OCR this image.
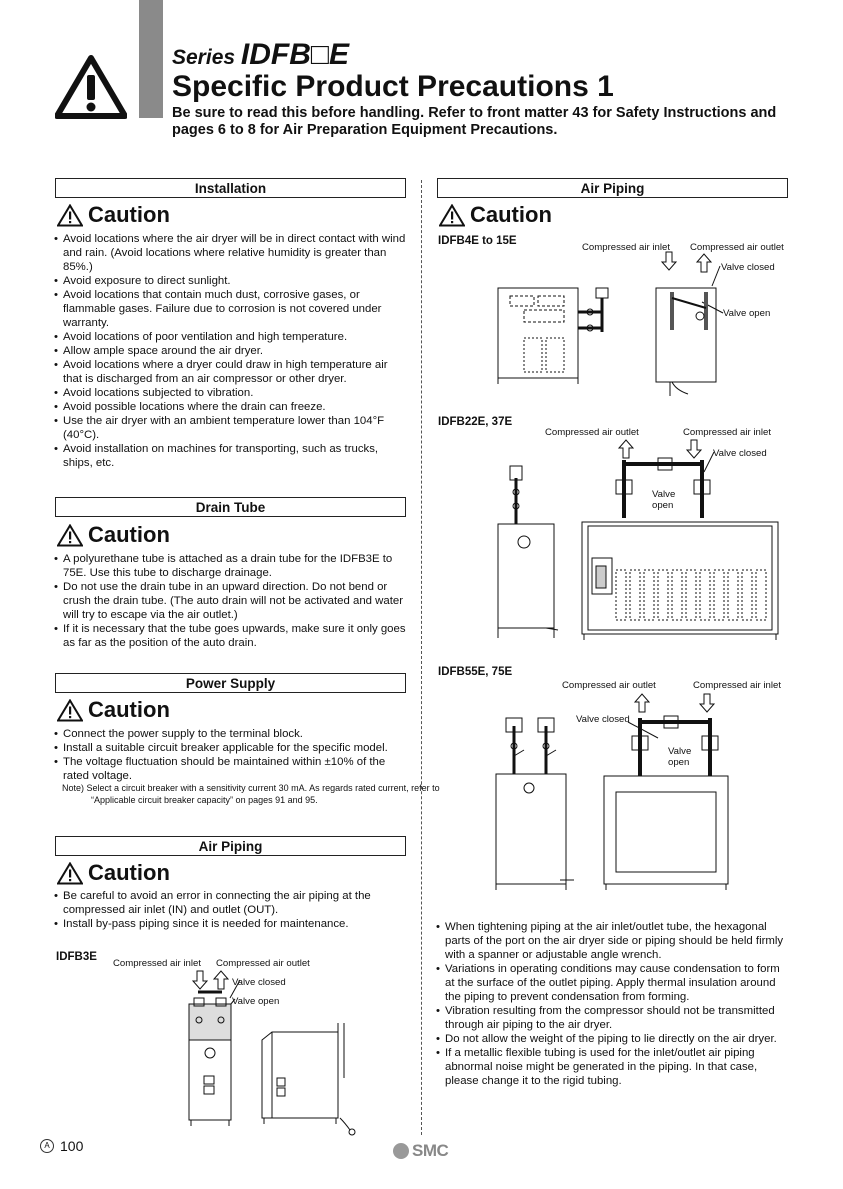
Series IDFB□E
Specific Product Precautions 1
Be sure to read this before handling. Refer to front matter 43 for Safety Instructions and pages 6 to 8 for Air Preparation Equipment Precautions.
Installation
Caution
• Avoid locations where the air dryer will be in direct contact with wind and rain. (Avoid locations where relative humidity is greater than 85%.)
• Avoid exposure to direct sunlight.
• Avoid locations that contain much dust, corrosive gases, or flammable gases. Failure due to corrosion is not covered under warranty.
• Avoid locations of poor ventilation and high temperature.
• Allow ample space around the air dryer.
• Avoid locations where a dryer could draw in high temperature air that is discharged from an air compressor or other dryer.
• Avoid locations subjected to vibration.
• Avoid possible locations where the drain can freeze.
• Use the air dryer with an ambient temperature lower than 104°F (40°C).
• Avoid installation on machines for transporting, such as trucks, ships, etc.
Drain Tube
Caution
• A polyurethane tube is attached as a drain tube for the IDFB3E to 75E. Use this tube to discharge drainage.
• Do not use the drain tube in an upward direction. Do not bend or crush the drain tube. (The auto drain will not be activated and water will try to escape via the air outlet.)
• If it is necessary that the tube goes upwards, make sure it only goes as far as the position of the auto drain.
Power Supply
Caution
• Connect the power supply to the terminal block.
• Install a suitable circuit breaker applicable for the specific model.
• The voltage fluctuation should be maintained within ±10% of the rated voltage.
Note) Select a circuit breaker with a sensitivity current 30 mA. As regards rated current, refer to “Applicable circuit breaker capacity” on pages 91 and 95.
Air Piping
Caution
• Be careful to avoid an error in connecting the air piping at the compressed air inlet (IN) and outlet (OUT).
• Install by-pass piping since it is needed for maintenance.
IDFB3E
Compressed air inlet Compressed air outlet
Valve closed
Valve open
Air Piping
Caution
IDFB4E to 15E
Compressed air inlet Compressed air outlet
Valve closed
Valve open
IDFB22E, 37E
Compressed air outlet	Compressed air inlet
Valve closed
Valve
open
IDFB55E, 75E
Compressed air outlet	Compressed air inlet
Valve closed
Valve
open
• When tightening piping at the air inlet/outlet tube, the hexagonal parts of the port on the air dryer side or piping should be held firmly with a spanner or adjustable angle wrench.
• Variations in operating conditions may cause condensation to form at the surface of the outlet piping. Apply thermal insulation around the piping to prevent condensation from forming.
• Vibration resulting from the compressor should not be transmitted through air piping to the air dryer.
• Do not allow the weight of the piping to lie directly on the air dryer.
• If a metallic flexible tubing is used for the inlet/outlet air piping abnormal noise might be generated in the piping. In that case, please change it to the rigid tubing.
A 100	SMC
